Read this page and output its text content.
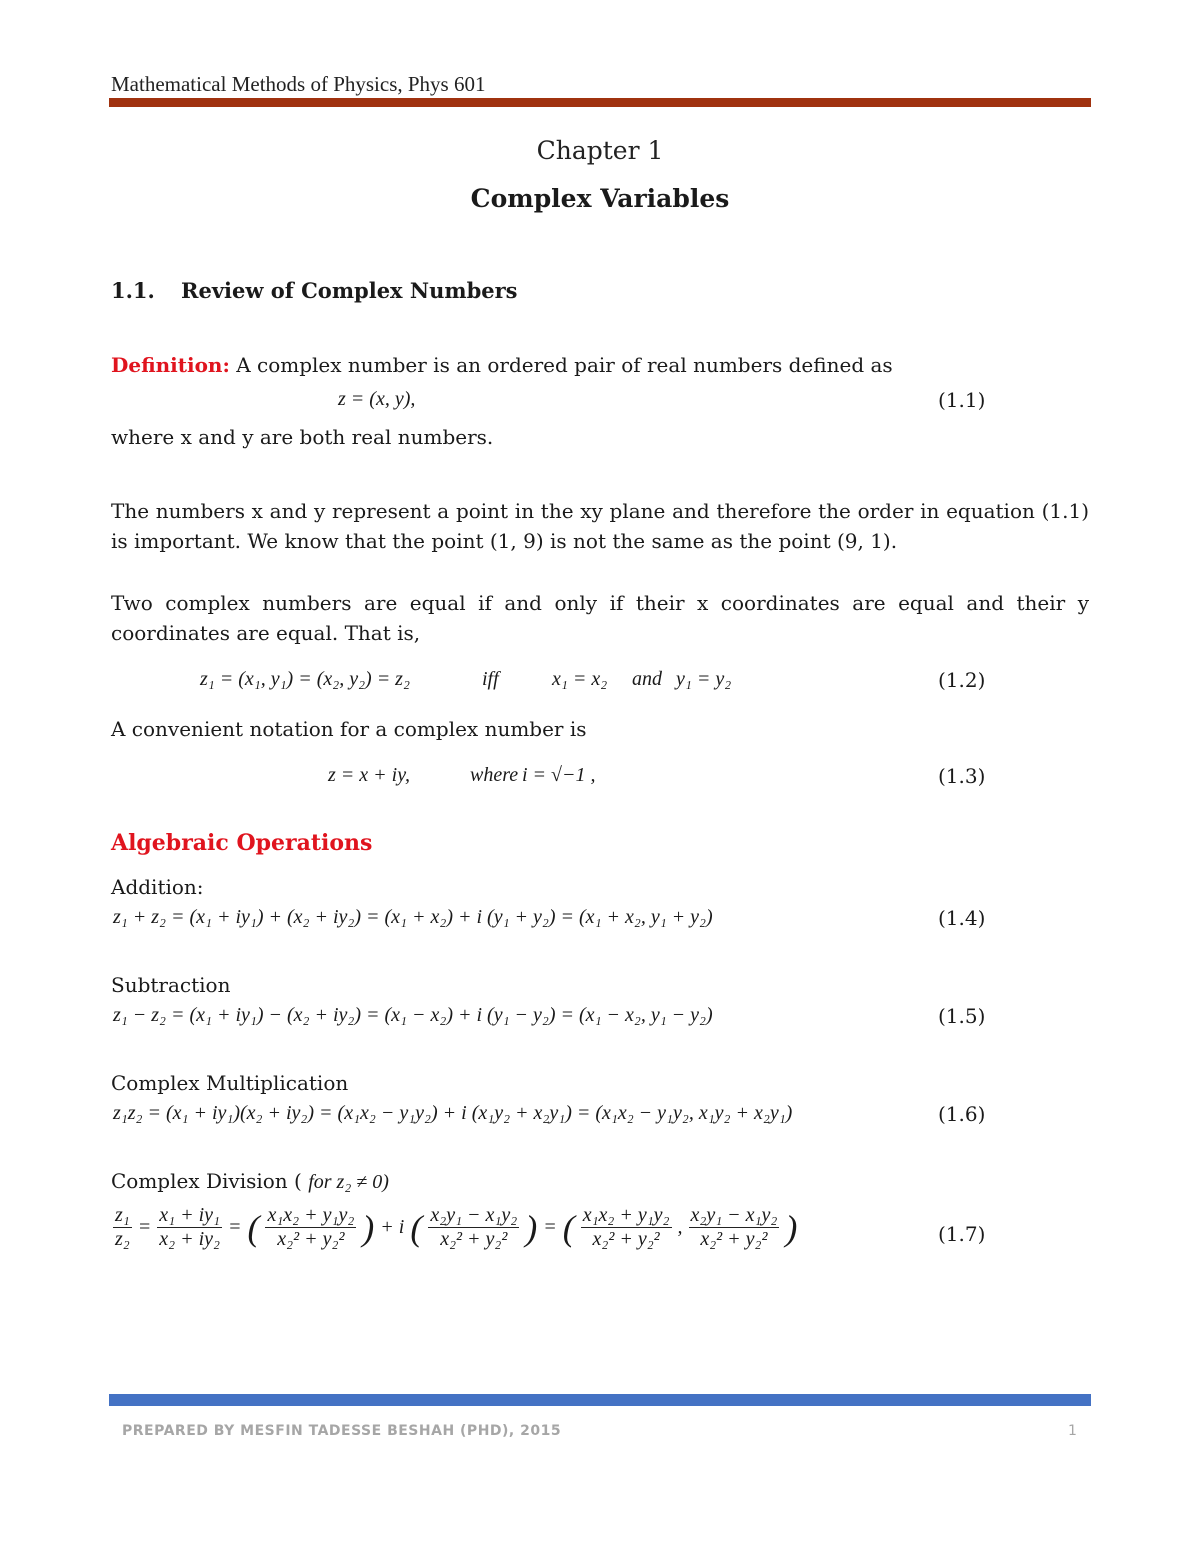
Mathematical Methods of Physics, Phys 601
Chapter 1
Complex Variables
1.1. Review of Complex Numbers
Definition: A complex number is an ordered pair of real numbers defined as
z = (x, y),	(1.1)
where x and y are both real numbers.
The numbers x and y represent a point in the xy plane and therefore the order in equation (1.1) is important. We know that the point (1, 9) is not the same as the point (9, 1).
Two complex numbers are equal if and only if their x coordinates are equal and their y coordinates are equal. That is,
z₁ = (x₁, y₁) = (x₂, y₂) = z₂	iff	x₁ = x₂ and y₁ = y₂	(1.2)
A convenient notation for a complex number is
z = x + iy,	where i = √−1 ,	(1.3)
Algebraic Operations
Addition:
z₁ + z₂ = (x₁ + iy₁) + (x₂ + iy₂) = (x₁ + x₂) + i (y₁ + y₂) = (x₁ + x₂, y₁ + y₂)	(1.4)
Subtraction
z₁ − z₂ = (x₁ + iy₁) − (x₂ + iy₂) = (x₁ − x₂) + i (y₁ − y₂) = (x₁ − x₂, y₁ − y₂)	(1.5)
Complex Multiplication
z₁z₂ = (x₁ + iy₁)(x₂ + iy₂) = (x₁x₂ − y₁y₂) + i (x₁y₂ + x₂y₁) = (x₁x₂ − y₁y₂, x₁y₂ + x₂y₁)	(1.6)
Complex Division ( for z₂ ≠ 0)
$\frac{\text{z₁}}{\text{z₂}} = \frac{\text{x₁ + iy₁}}{\text{x₂ + iy₂}}$ = ( $\frac{\text{x₁x₂ + y₁y₂}}{\text{x₂² + y₂²}}$ ) + i ( $\frac{\text{x₂y₁ − x₁y₂}}{\text{x₂² + y₂²}}$ ) = ( $\frac{\text{x₁x₂ + y₁y₂}}{\text{x₂² + y₂²}}$ , $\frac{\text{x₂y₁ − x₁y₂}}{\text{x₂² + y₂²}}$ )	(1.7)
PREPARED BY MESFIN TADESSE BESHAH (PHD), 2015	1
